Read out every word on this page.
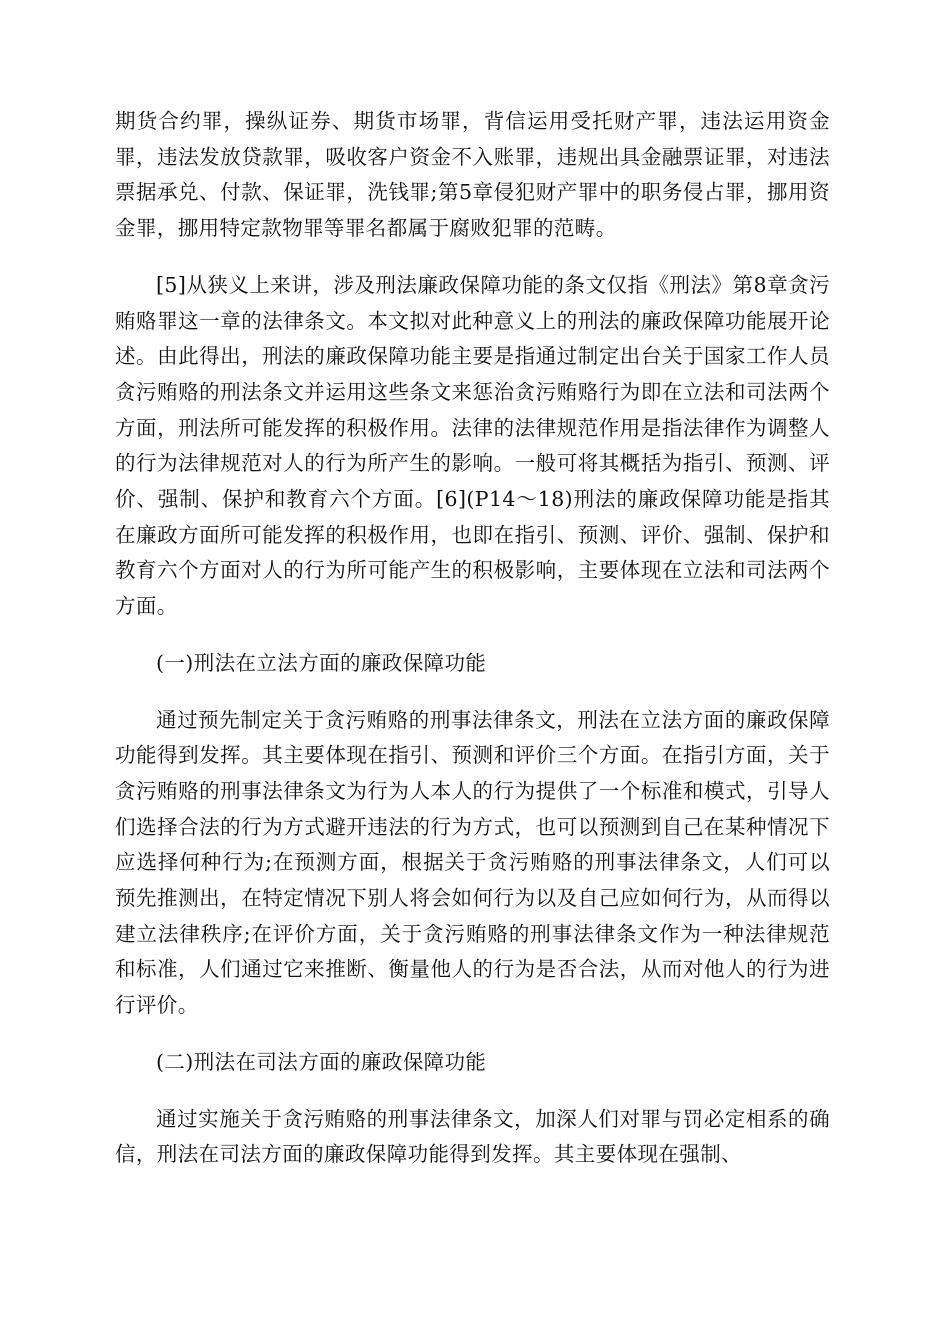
期货合约罪，操纵证券、期货市场罪，背信运用受托财产罪，违法运用资金罪，违法发放贷款罪，吸收客户资金不入账罪，违规出具金融票证罪，对违法票据承兑、付款、保证罪，洗钱罪;第5章侵犯财产罪中的职务侵占罪，挪用资金罪，挪用特定款物罪等罪名都属于腐败犯罪的范畴。

[5]从狭义上来讲，涉及刑法廉政保障功能的条文仅指《刑法》第8章贪污贿赂罪这一章的法律条文。本文拟对此种意义上的刑法的廉政保障功能展开论述。由此得出，刑法的廉政保障功能主要是指通过制定出台关于国家工作人员贪污贿赂的刑法条文并运用这些条文来惩治贪污贿赂行为即在立法和司法两个方面，刑法所可能发挥的积极作用。法律的法律规范作用是指法律作为调整人的行为法律规范对人的行为所产生的影响。一般可将其概括为指引、预测、评价、强制、保护和教育六个方面。[6](P14～18)刑法的廉政保障功能是指其在廉政方面所可能发挥的积极作用，也即在指引、预测、评价、强制、保护和教育六个方面对人的行为所可能产生的积极影响，主要体现在立法和司法两个方面。

(一)刑法在立法方面的廉政保障功能

通过预先制定关于贪污贿赂的刑事法律条文，刑法在立法方面的廉政保障功能得到发挥。其主要体现在指引、预测和评价三个方面。在指引方面，关于贪污贿赂的刑事法律条文为行为人本人的行为提供了一个标准和模式，引导人们选择合法的行为方式避开违法的行为方式，也可以预测到自己在某种情况下应选择何种行为;在预测方面，根据关于贪污贿赂的刑事法律条文，人们可以预先推测出，在特定情况下别人将会如何行为以及自己应如何行为，从而得以建立法律秩序;在评价方面，关于贪污贿赂的刑事法律条文作为一种法律规范和标准，人们通过它来推断、衡量他人的行为是否合法，从而对他人的行为进行评价。

(二)刑法在司法方面的廉政保障功能

通过实施关于贪污贿赂的刑事法律条文，加深人们对罪与罚必定相系的确信，刑法在司法方面的廉政保障功能得到发挥。其主要体现在强制、
